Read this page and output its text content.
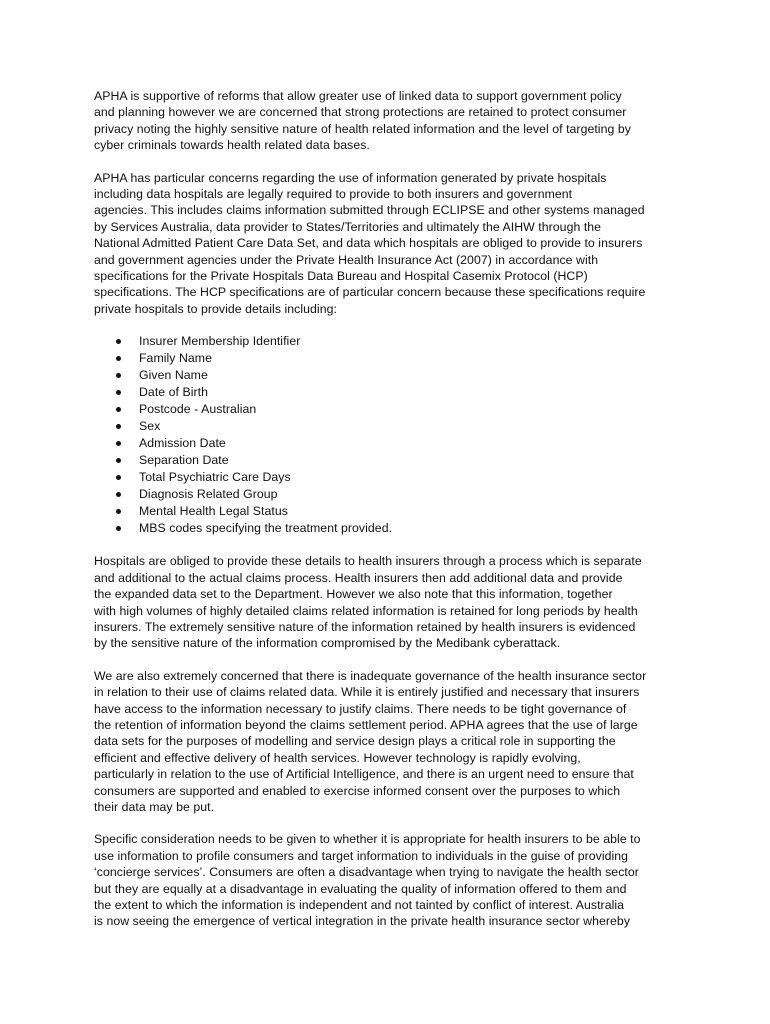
APHA is supportive of reforms that allow greater use of linked data to support government policy
and planning however we are concerned that strong protections are retained to protect consumer
privacy noting the highly sensitive nature of health related information and the level of targeting by
cyber criminals towards health related data bases.
APHA has particular concerns regarding the use of information generated by private hospitals
including data hospitals are legally required to provide to both insurers and government
agencies. This includes claims information submitted through ECLIPSE and other systems managed
by Services Australia, data provider to States/Territories and ultimately the AIHW through the
National Admitted Patient Care Data Set, and data which hospitals are obliged to provide to insurers
and government agencies under the Private Health Insurance Act (2007) in accordance with
specifications for the Private Hospitals Data Bureau and Hospital Casemix Protocol (HCP)
specifications. The HCP specifications are of particular concern because these specifications require
private hospitals to provide details including:
Insurer Membership Identifier
Family Name
Given Name
Date of Birth
Postcode - Australian
Sex
Admission Date
Separation Date
Total Psychiatric Care Days
Diagnosis Related Group
Mental Health Legal Status
MBS codes specifying the treatment provided.
Hospitals are obliged to provide these details to health insurers through a process which is separate
and additional to the actual claims process. Health insurers then add additional data and provide
the expanded data set to the Department. However we also note that this information, together
with high volumes of highly detailed claims related information is retained for long periods by health
insurers. The extremely sensitive nature of the information retained by health insurers is evidenced
by the sensitive nature of the information compromised by the Medibank cyberattack.
We are also extremely concerned that there is inadequate governance of the health insurance sector
in relation to their use of claims related data. While it is entirely justified and necessary that insurers
have access to the information necessary to justify claims. There needs to be tight governance of
the retention of information beyond the claims settlement period. APHA agrees that the use of large
data sets for the purposes of modelling and service design plays a critical role in supporting the
efficient and effective delivery of health services. However technology is rapidly evolving,
particularly in relation to the use of Artificial Intelligence, and there is an urgent need to ensure that
consumers are supported and enabled to exercise informed consent over the purposes to which
their data may be put.
Specific consideration needs to be given to whether it is appropriate for health insurers to be able to
use information to profile consumers and target information to individuals in the guise of providing
‘concierge services’. Consumers are often a disadvantage when trying to navigate the health sector
but they are equally at a disadvantage in evaluating the quality of information offered to them and
the extent to which the information is independent and not tainted by conflict of interest. Australia
is now seeing the emergence of vertical integration in the private health insurance sector whereby
